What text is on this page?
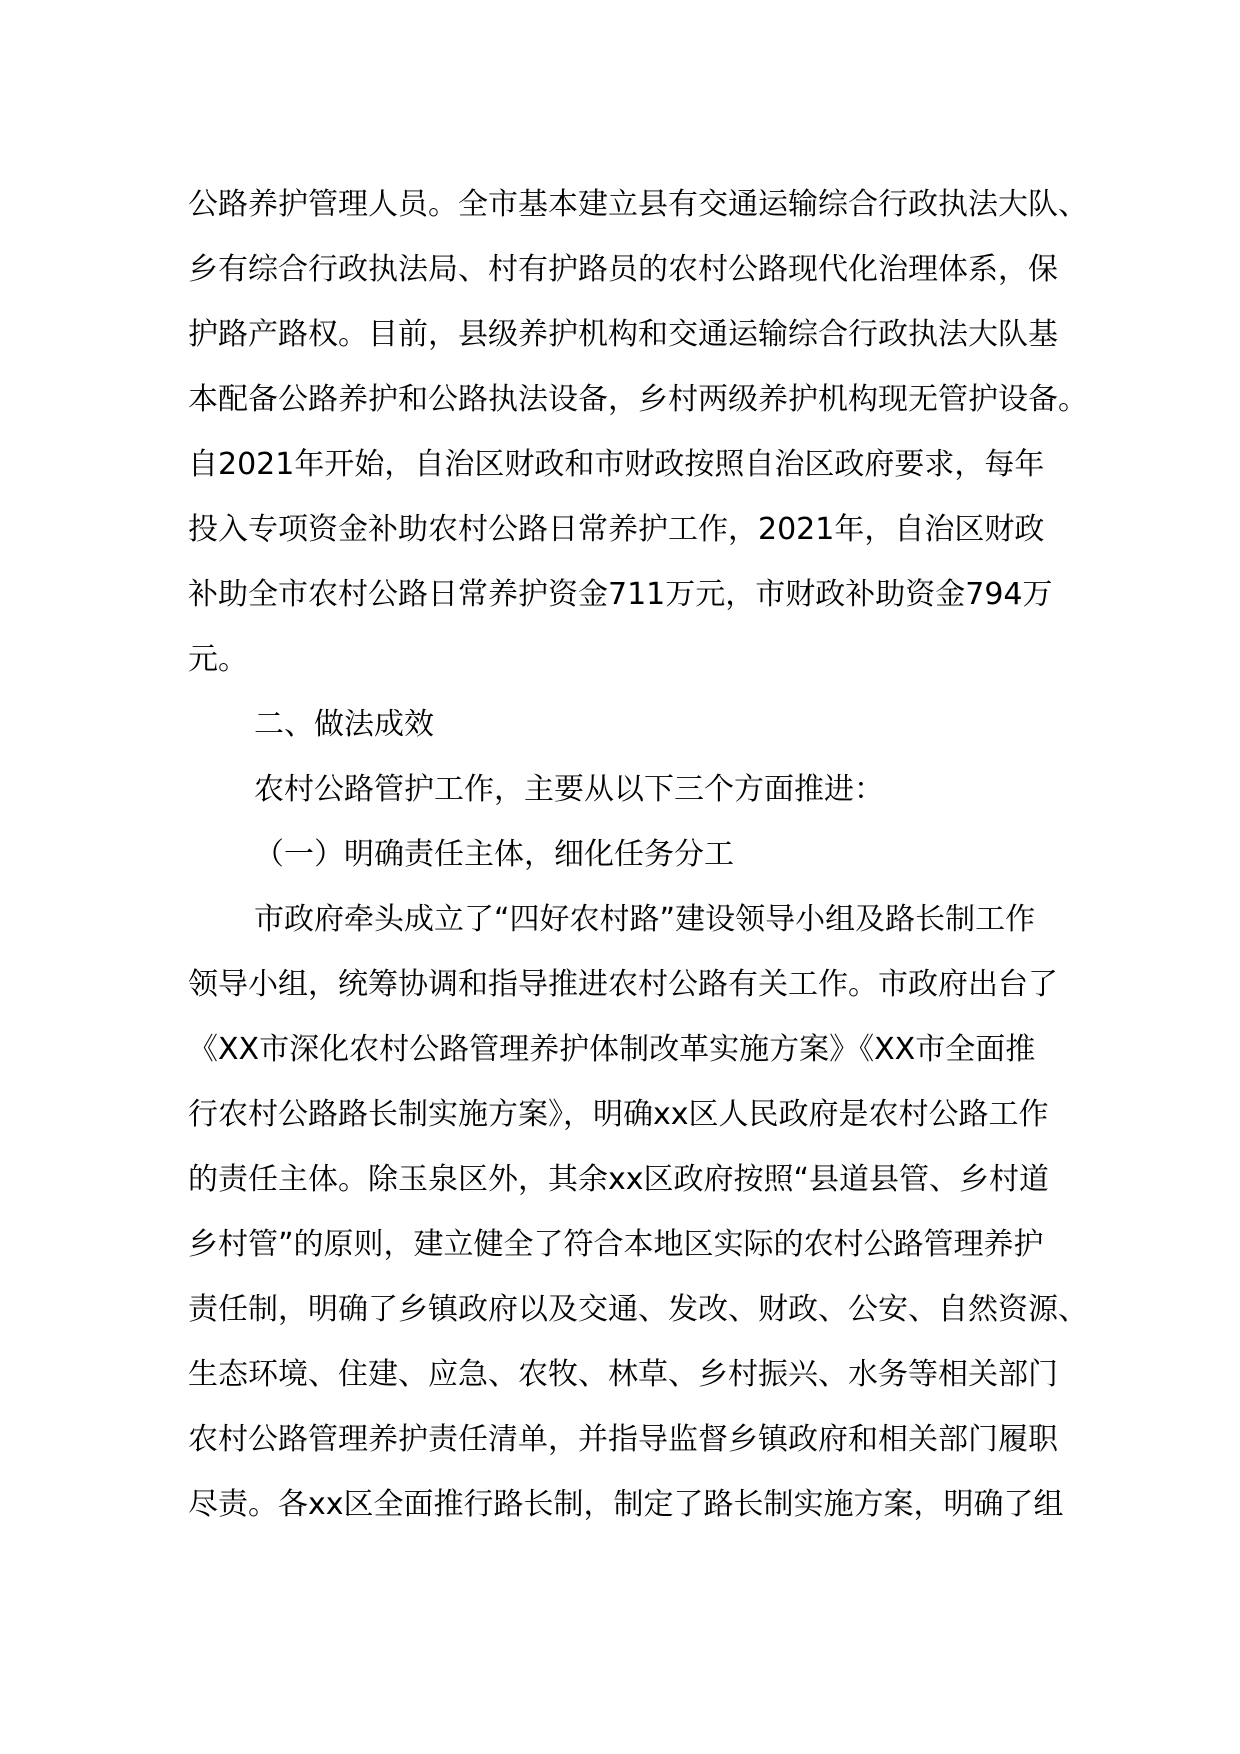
公路养护管理人员。全市基本建立县有交通运输综合行政执法大队、
乡有综合行政执法局、村有护路员的农村公路现代化治理体系，保
护路产路权。目前，县级养护机构和交通运输综合行政执法大队基
本配备公路养护和公路执法设备，乡村两级养护机构现无管护设备。
自2021年开始，自治区财政和市财政按照自治区政府要求，每年
投入专项资金补助农村公路日常养护工作，2021年，自治区财政
补助全市农村公路日常养护资金711万元，市财政补助资金794万
元。
二、做法成效
农村公路管护工作，主要从以下三个方面推进：
（一）明确责任主体，细化任务分工
市政府牵头成立了“四好农村路”建设领导小组及路长制工作
领导小组，统筹协调和指导推进农村公路有关工作。市政府出台了
《XX市深化农村公路管理养护体制改革实施方案》《XX市全面推
行农村公路路长制实施方案》，明确xx区人民政府是农村公路工作
的责任主体。除玉泉区外，其余xx区政府按照“县道县管、乡村道
乡村管”的原则，建立健全了符合本地区实际的农村公路管理养护
责任制，明确了乡镇政府以及交通、发改、财政、公安、自然资源、
生态环境、住建、应急、农牧、林草、乡村振兴、水务等相关部门
农村公路管理养护责任清单，并指导监督乡镇政府和相关部门履职
尽责。各xx区全面推行路长制，制定了路长制实施方案，明确了组
